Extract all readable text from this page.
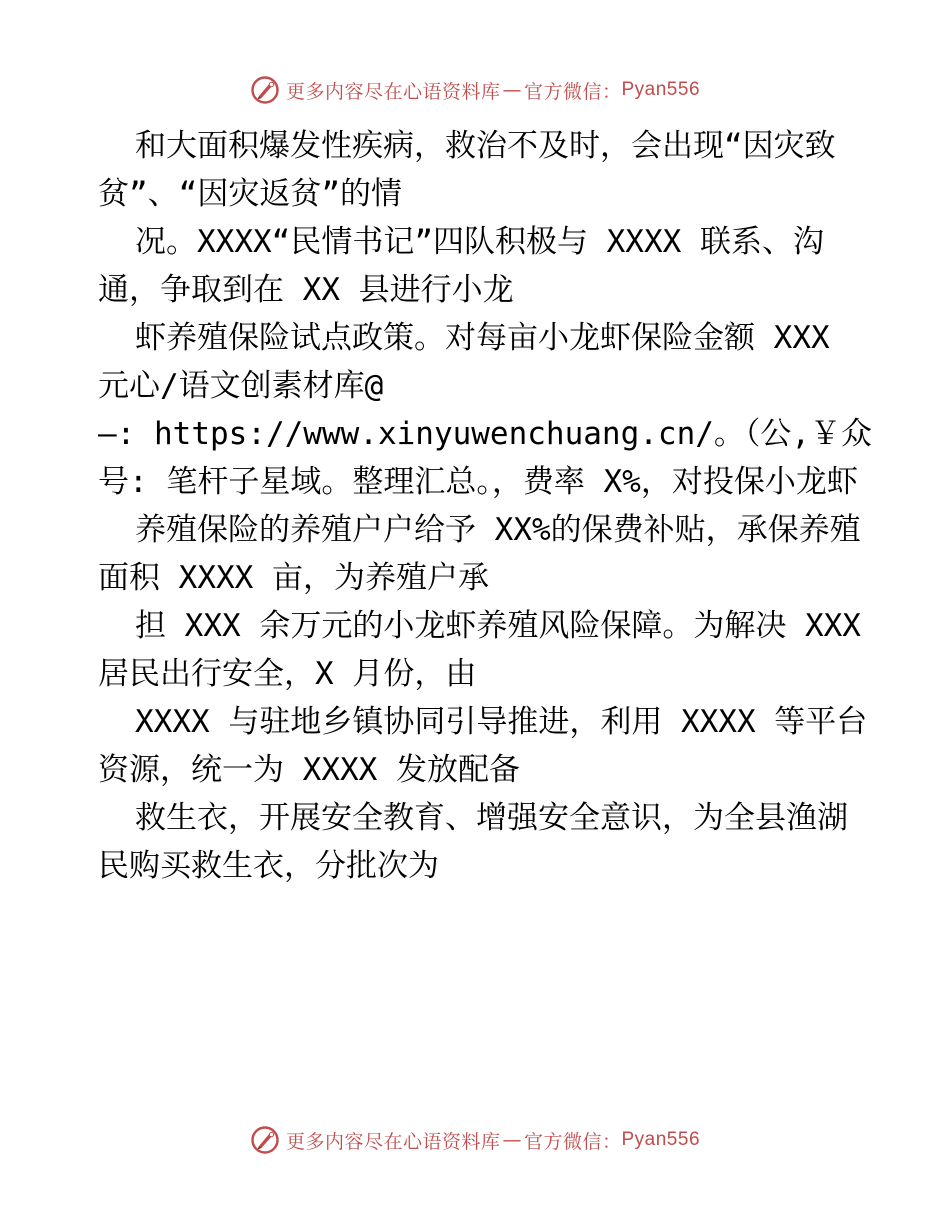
更多内容尽在心语资料库 — 官方微信： Pyan556

和大面积爆发性疾病，救治不及时，会出现“因灾致贫”、“因灾返贫”的情

况。XXXX“民情书记”四队积极与 XXXX 联系、沟通，争取到在 XX 县进行小龙

虾养殖保险试点政策。对每亩小龙虾保险金额 XXX 元心/语文创素材库@

—: https://www.xinyuwenchuang.cn/。（公,￥众号: 笔杆子星域。整理汇总。，费率 X%，对投保小龙虾

养殖保险的养殖户户给予 XX%的保费补贴，承保养殖面积 XXXX 亩，为养殖户承

担 XXX 余万元的小龙虾养殖风险保障。为解决 XXX 居民出行安全，X 月份，由

XXXX 与驻地乡镇协同引导推进，利用 XXXX 等平台资源，统一为 XXXX 发放配备

救生衣，开展安全教育、增强安全意识，为全县渔湖民购买救生衣，分批次为

更多内容尽在心语资料库 — 官方微信： Pyan556
